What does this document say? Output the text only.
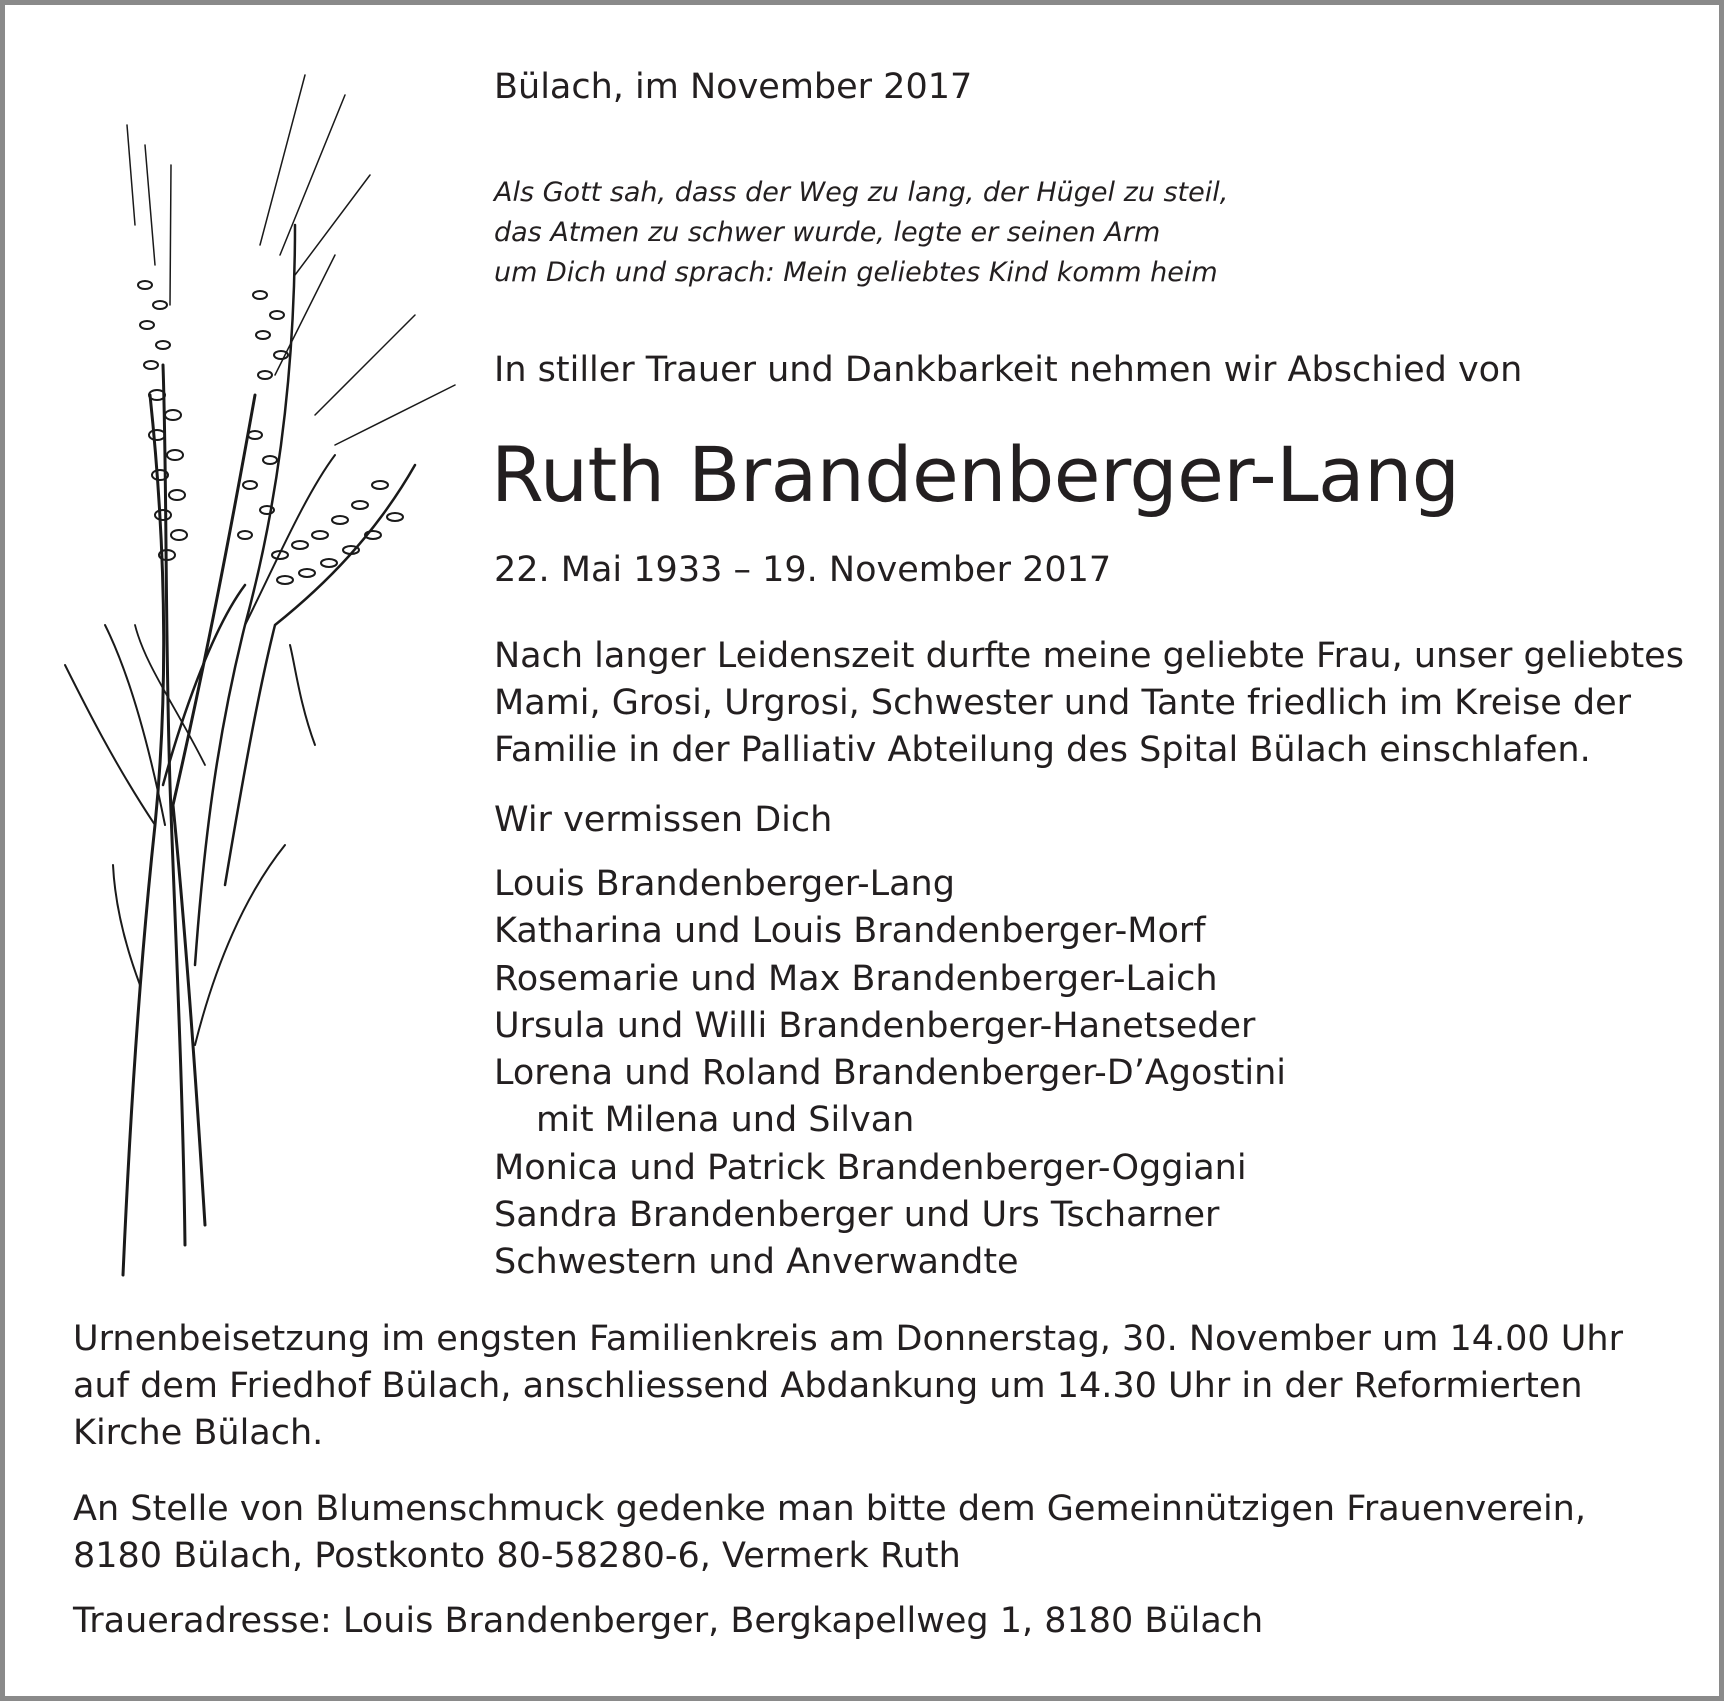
Bülach, im November 2017
Als Gott sah, dass der Weg zu lang, der Hügel zu steil,
das Atmen zu schwer wurde, legte er seinen Arm
um Dich und sprach: Mein geliebtes Kind komm heim
In stiller Trauer und Dankbarkeit nehmen wir Abschied von
Ruth Brandenberger-Lang
22. Mai 1933 – 19. November 2017
Nach langer Leidenszeit durfte meine geliebte Frau, unser geliebtes
Mami, Grosi, Urgrosi, Schwester und Tante friedlich im Kreise der
Familie in der Palliativ Abteilung des Spital Bülach einschlafen.
Wir vermissen Dich
Louis Brandenberger-Lang
Katharina und Louis Brandenberger-Morf
Rosemarie und Max Brandenberger-Laich
Ursula und Willi Brandenberger-Hanetseder
Lorena und Roland Brandenberger-D’Agostini
mit Milena und Silvan
Monica und Patrick Brandenberger-Oggiani
Sandra Brandenberger und Urs Tscharner
Schwestern und Anverwandte
Urnenbeisetzung im engsten Familienkreis am Donnerstag, 30. November um 14.00 Uhr
auf dem Friedhof Bülach, anschliessend Abdankung um 14.30 Uhr in der Reformierten
Kirche Bülach.
An Stelle von Blumenschmuck gedenke man bitte dem Gemeinnützigen Frauenverein,
8180 Bülach, Postkonto 80-58280-6, Vermerk Ruth
Traueradresse: Louis Brandenberger, Bergkapellweg 1, 8180 Bülach
